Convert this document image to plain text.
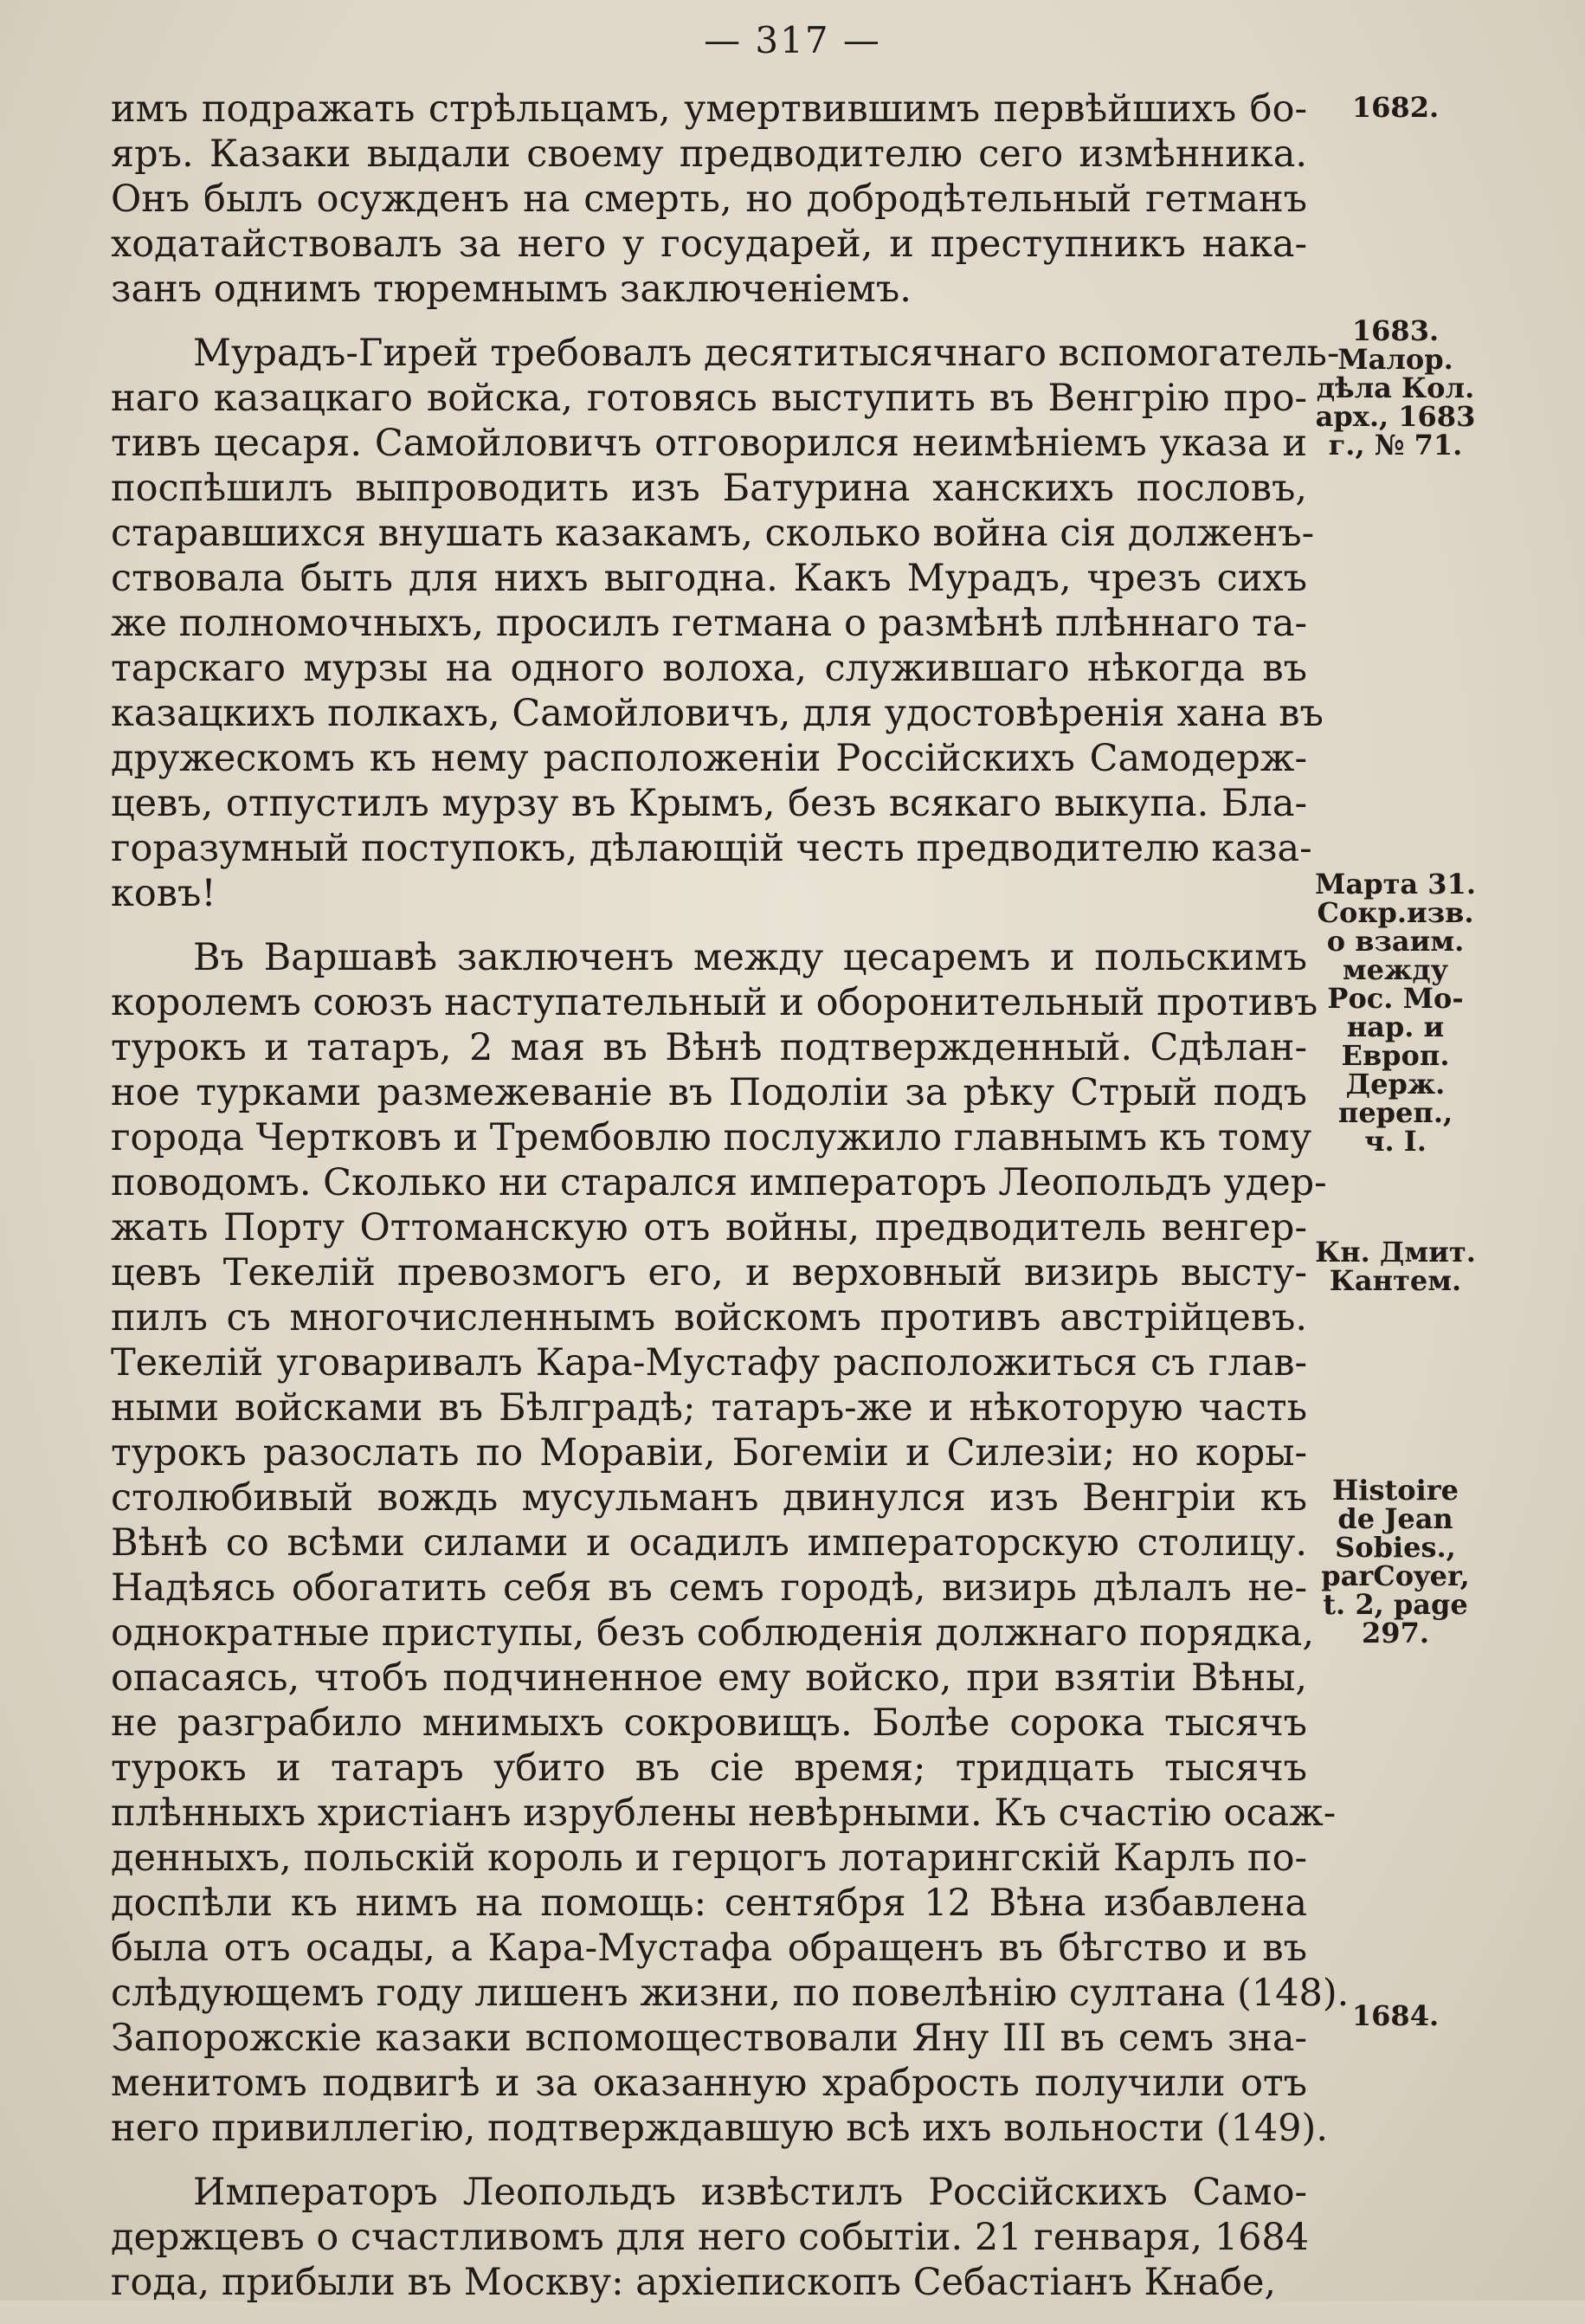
— 317 —

имъ подражать стрѣльцамъ, умертвившимъ первѣйшихъ бо-
яръ. Казаки выдали своему предводителю сего измѣнника.
Онъ былъ осужденъ на смерть, но добродѣтельный гетманъ
ходатайствовалъ за него у государей, и преступникъ нака-
занъ однимъ тюремнымъ заключенiемъ.

Мурадъ-Гирей требовалъ десятитысячнаго вспомогатель-
наго казацкаго войска, готовясь выступить въ Венгрiю про-
тивъ цесаря. Самойловичъ отговорился неимѣнiемъ указа и
поспѣшилъ выпроводить изъ Батурина ханскихъ пословъ,
старавшихся внушать казакамъ, сколько война сiя долженъ-
ствовала быть для нихъ выгодна. Какъ Мурадъ, чрезъ сихъ
же полномочныхъ, просилъ гетмана о размѣнѣ плѣннаго та-
тарскаго мурзы на одного волоха, служившаго нѣкогда въ
казацкихъ полкахъ, Самойловичъ, для удостовѣренiя хана въ
дружескомъ къ нему расположенiи Россiйскихъ Самодерж-
цевъ, отпустилъ мурзу въ Крымъ, безъ всякаго выкупа. Бла-
горазумный поступокъ, дѣлающiй честь предводителю каза-
ковъ!

Въ Варшавѣ заключенъ между цесаремъ и польскимъ
королемъ союзъ наступательный и оборонительный противъ
турокъ и татаръ, 2 мая въ Вѣнѣ подтвержденный. Сдѣлан-
ное турками размежеванiе въ Подолiи за рѣку Стрый подъ
города Чертковъ и Трембовлю послужило главнымъ къ тому
поводомъ. Сколько ни старался императоръ Леопольдъ удер-
жать Порту Оттоманскую отъ войны, предводитель венгер-
цевъ Текелiй превозмогъ его, и верховный визирь высту-
пилъ съ многочисленнымъ войскомъ противъ австрiйцевъ.
Текелiй уговаривалъ Кара-Мустафу расположиться съ глав-
ными войсками въ Бѣлградѣ; татаръ-же и нѣкоторую часть
турокъ разослать по Моравiи, Богемiи и Силезiи; но коры-
столюбивый вождь мусульманъ двинулся изъ Венгрiи къ
Вѣнѣ со всѣми силами и осадилъ императорскую столицу.
Надѣясь обогатить себя въ семъ городѣ, визирь дѣлалъ не-
однократные приступы, безъ соблюденiя должнаго порядка,
опасаясь, чтобъ подчиненное ему войско, при взятiи Вѣны,
не разграбило мнимыхъ сокровищъ. Болѣе сорока тысячъ
турокъ и татаръ убито въ сiе время; тридцать тысячъ
плѣнныхъ христiанъ изрублены невѣрными. Къ счастiю осаж-
денныхъ, польскiй король и герцогъ лотарингскiй Карлъ по-
доспѣли къ нимъ на помощь: сентября 12 Вѣна избавлена
была отъ осады, а Кара-Мустафа обращенъ въ бѣгство и въ
слѣдующемъ году лишенъ жизни, по повелѣнiю султана (148).
Запорожскiе казаки вспомоществовали Яну III въ семъ зна-
менитомъ подвигѣ и за оказанную храбрость получили отъ
него привиллегiю, подтверждавшую всѣ ихъ вольности (149).

Императоръ Леопольдъ извѣстилъ Россiйскихъ Само-
держцевъ о счастливомъ для него событiи. 21 генваря, 1684
года, прибыли въ Москву: архiепископъ Себастiанъ Кнабе,

1682.
1683.
Малор.
дѣла Кол.
арх., 1683
г., № 71.
Марта 31.
Сокр.изв.
о взаим.
между
Рос. Мо-
нар. и
Европ.
Держ.
переп.,
ч. I.
Кн. Дмит.
Кантем.
Histoire
de Jean
Sobies.,
parCoyer,
t. 2, page
297.
1684.
